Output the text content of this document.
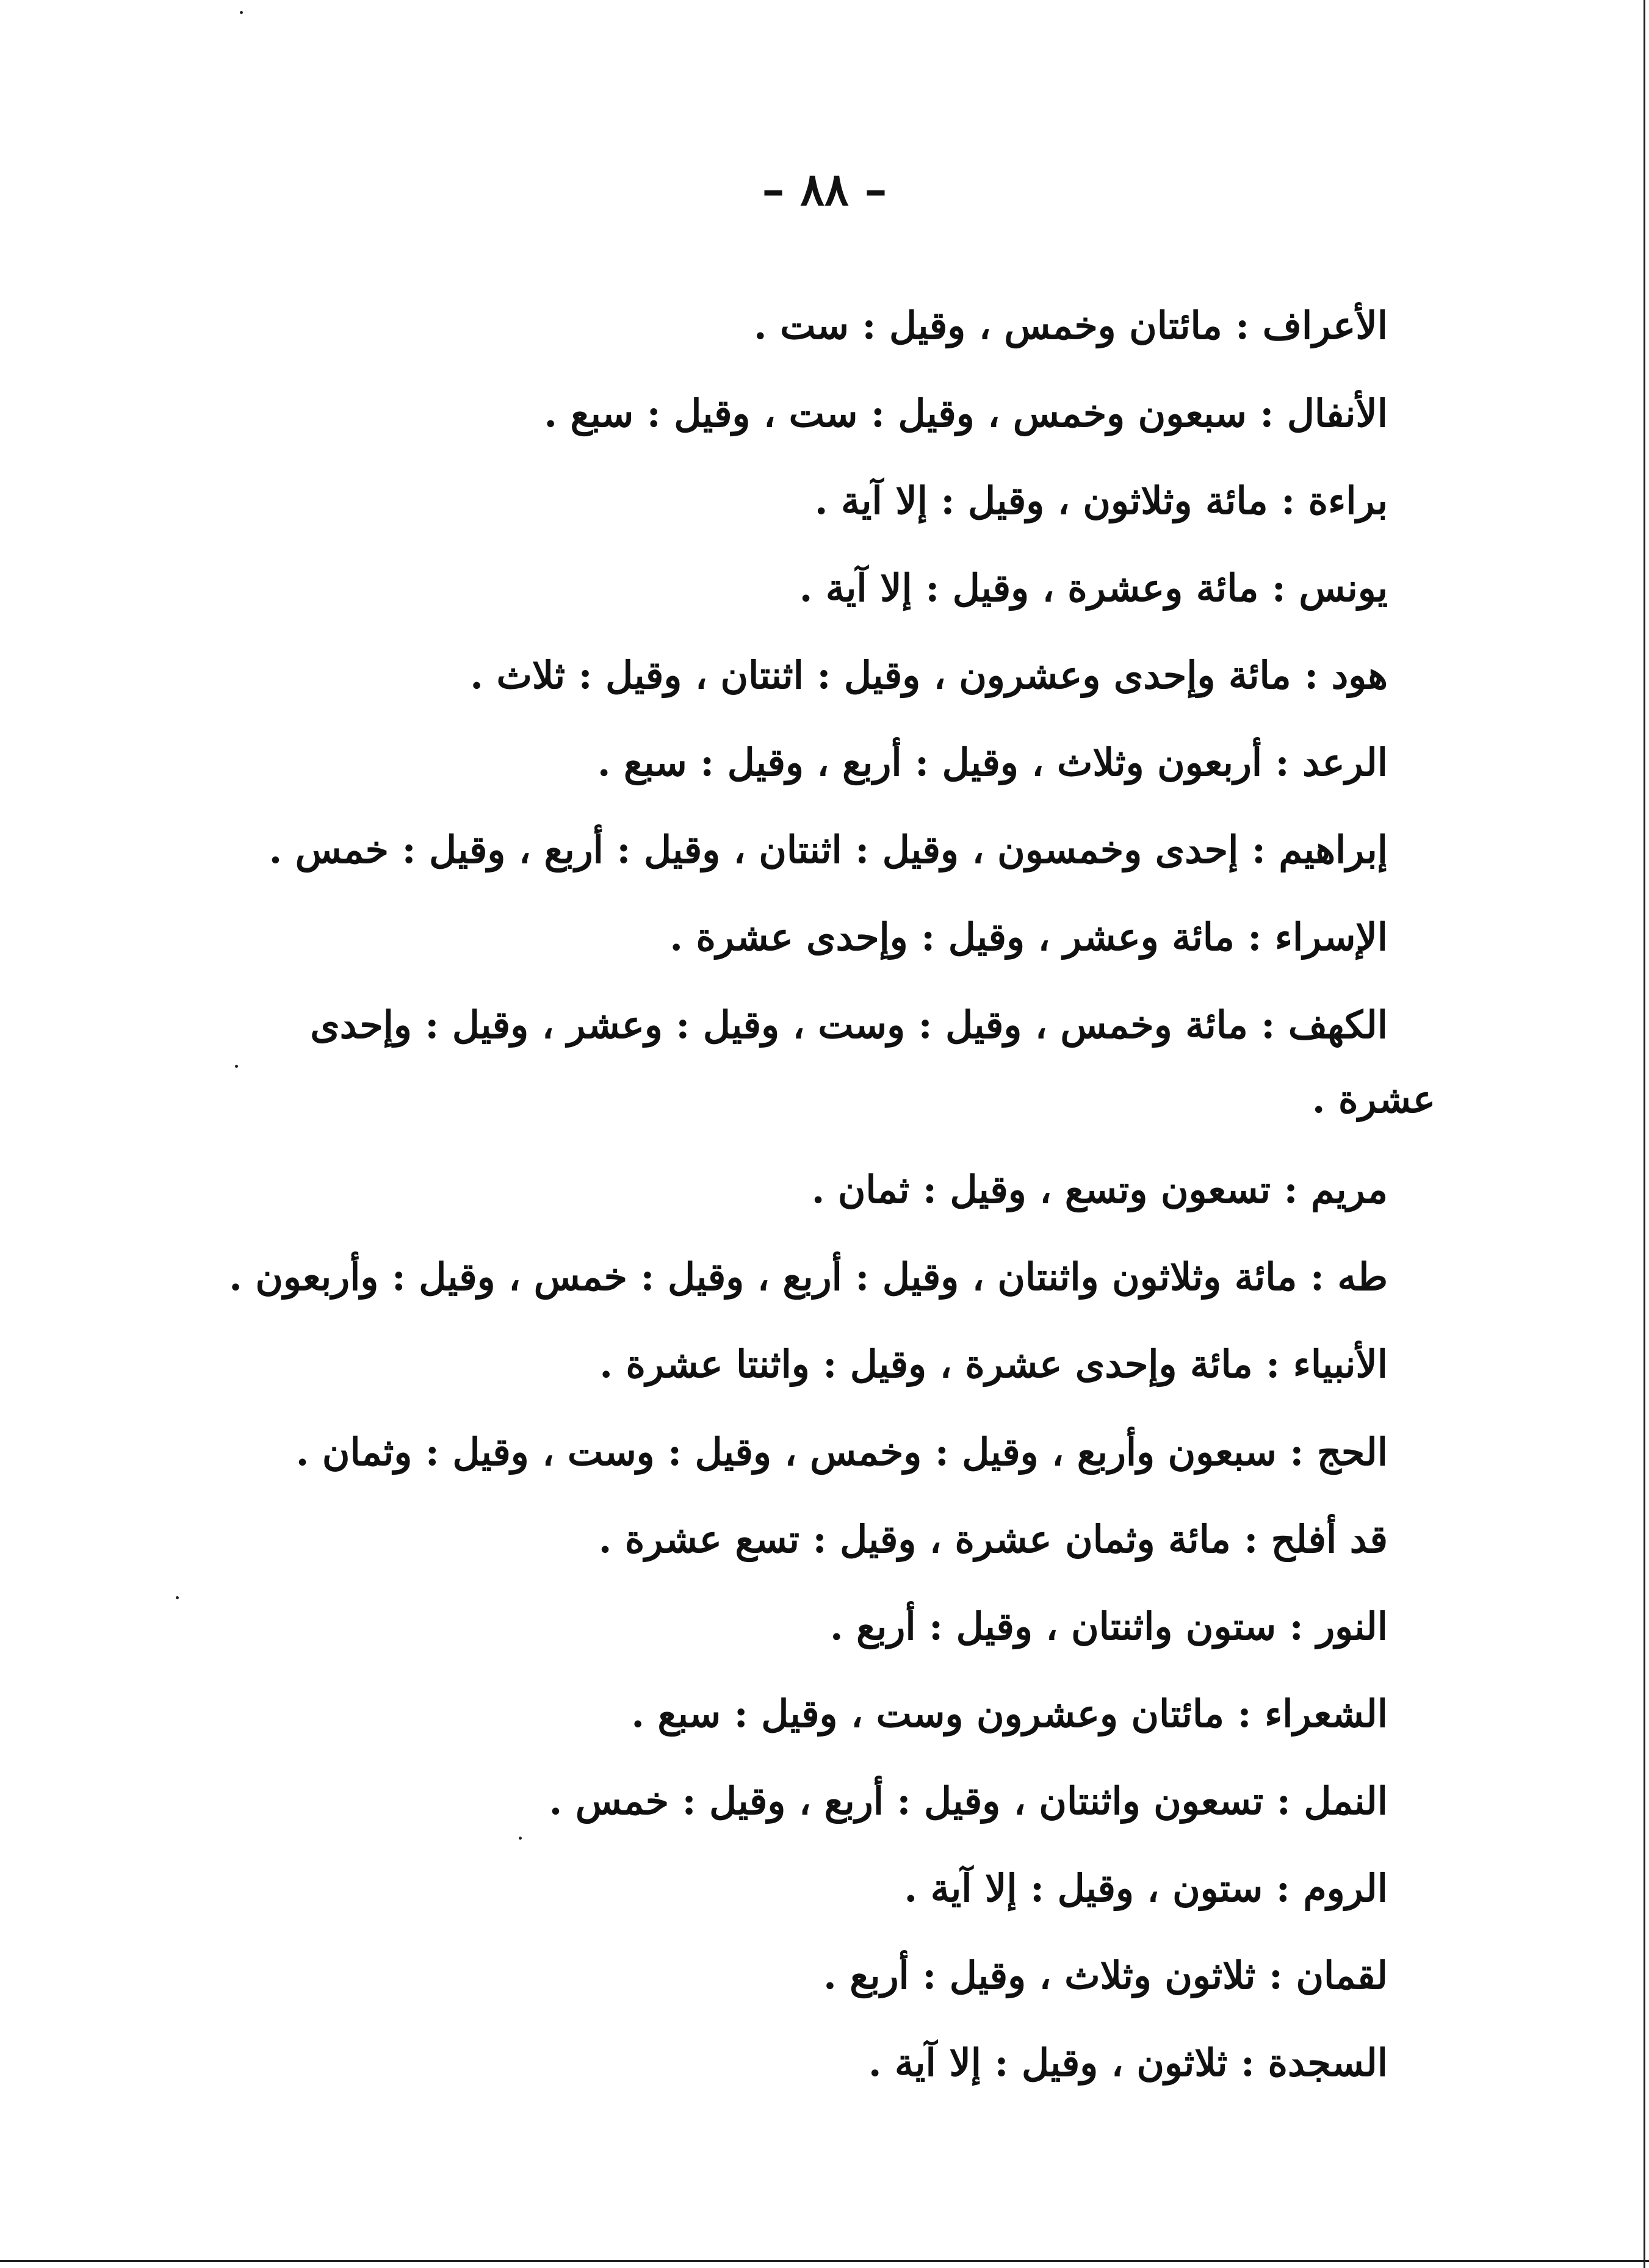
– ٨٨ –
الأعراف : مائتان وخمس ، وقيل : ست .
الأنفال : سبعون وخمس ، وقيل : ست ، وقيل : سبع .
براءة : مائة وثلاثون ، وقيل : إلا آية .
يونس : مائة وعشرة ، وقيل : إلا آية .
هود : مائة وإحدى وعشرون ، وقيل : اثنتان ، وقيل : ثلاث .
الرعد : أربعون وثلاث ، وقيل : أربع ، وقيل : سبع .
إبراهيم : إحدى وخمسون ، وقيل : اثنتان ، وقيل : أربع ، وقيل : خمس .
الإسراء : مائة وعشر ، وقيل : وإحدى عشرة .
الكهف : مائة وخمس ، وقيل : وست ، وقيل : وعشر ، وقيل : وإحدى
عشرة .
مريم : تسعون وتسع ، وقيل : ثمان .
طه : مائة وثلاثون واثنتان ، وقيل : أربع ، وقيل : خمس ، وقيل : وأربعون .
الأنبياء : مائة وإحدى عشرة ، وقيل : واثنتا عشرة .
الحج : سبعون وأربع ، وقيل : وخمس ، وقيل : وست ، وقيل : وثمان .
قد أفلح : مائة وثمان عشرة ، وقيل : تسع عشرة .
النور : ستون واثنتان ، وقيل : أربع .
الشعراء : مائتان وعشرون وست ، وقيل : سبع .
النمل : تسعون واثنتان ، وقيل : أربع ، وقيل : خمس .
الروم : ستون ، وقيل : إلا آية .
لقمان : ثلاثون وثلاث ، وقيل : أربع .
السجدة : ثلاثون ، وقيل : إلا آية .
